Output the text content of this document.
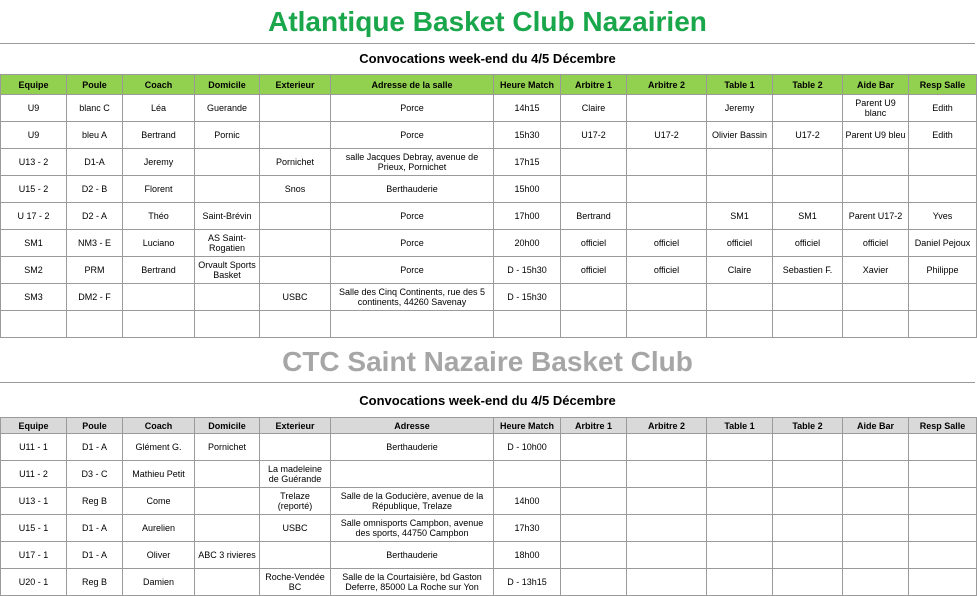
Atlantique Basket Club Nazairien
Convocations week-end du 4/5 Décembre
Equipe	Poule	Coach	Domicile	Exterieur	Adresse de la salle	Heure Match	Arbitre 1	Arbitre 2	Table 1	Table 2	Aide Bar	Resp Salle
U9	blanc C	Léa	Guerande		Porce	14h15	Claire		Jeremy		Parent U9 blanc	Edith
U9	bleu A	Bertrand	Pornic		Porce	15h30	U17-2	U17-2	Olivier Bassin	U17-2	Parent U9 bleu	Edith
U13 - 2	D1-A	Jeremy		Pornichet	salle Jacques Debray, avenue de Prieux, Pornichet	17h15						
U15 - 2	D2 - B	Florent		Snos	Berthauderie	15h00						
U 17 - 2	D2 - A	Théo	Saint-Brévin		Porce	17h00	Bertrand		SM1	SM1	Parent U17-2	Yves
SM1	NM3 - E	Luciano	AS Saint-Rogatien		Porce	20h00	officiel	officiel	officiel	officiel	officiel	Daniel Pejoux
SM2	PRM	Bertrand	Orvault Sports Basket		Porce	D - 15h30	officiel	officiel	Claire	Sebastien F.	Xavier	Philippe
SM3	DM2 - F			USBC	Salle des Cinq Continents, rue des 5 continents, 44260 Savenay	D - 15h30						

CTC Saint Nazaire Basket Club
Convocations week-end du 4/5 Décembre
Equipe	Poule	Coach	Domicile	Exterieur	Adresse	Heure Match	Arbitre 1	Arbitre 2	Table 1	Table 2	Aide Bar	Resp Salle
U11 - 1	D1 - A	Glément G.	Pornichet		Berthauderie	D - 10h00						
U11 - 2	D3 - C	Mathieu Petit		La madeleine de Guérande								
U13 - 1	Reg B	Come		Trelaze (reporté)	Salle de la Goducière, avenue de la République, Trelaze	14h00						
U15 - 1	D1 - A	Aurelien		USBC	Salle omnisports Campbon, avenue des sports, 44750 Campbon	17h30						
U17 - 1	D1 - A	Oliver	ABC 3 rivieres		Berthauderie	18h00						
U20 - 1	Reg B	Damien		Roche-Vendée BC	Salle de la Courtaisière, bd Gaston Deferre, 85000 La Roche sur Yon	D - 13h15						
